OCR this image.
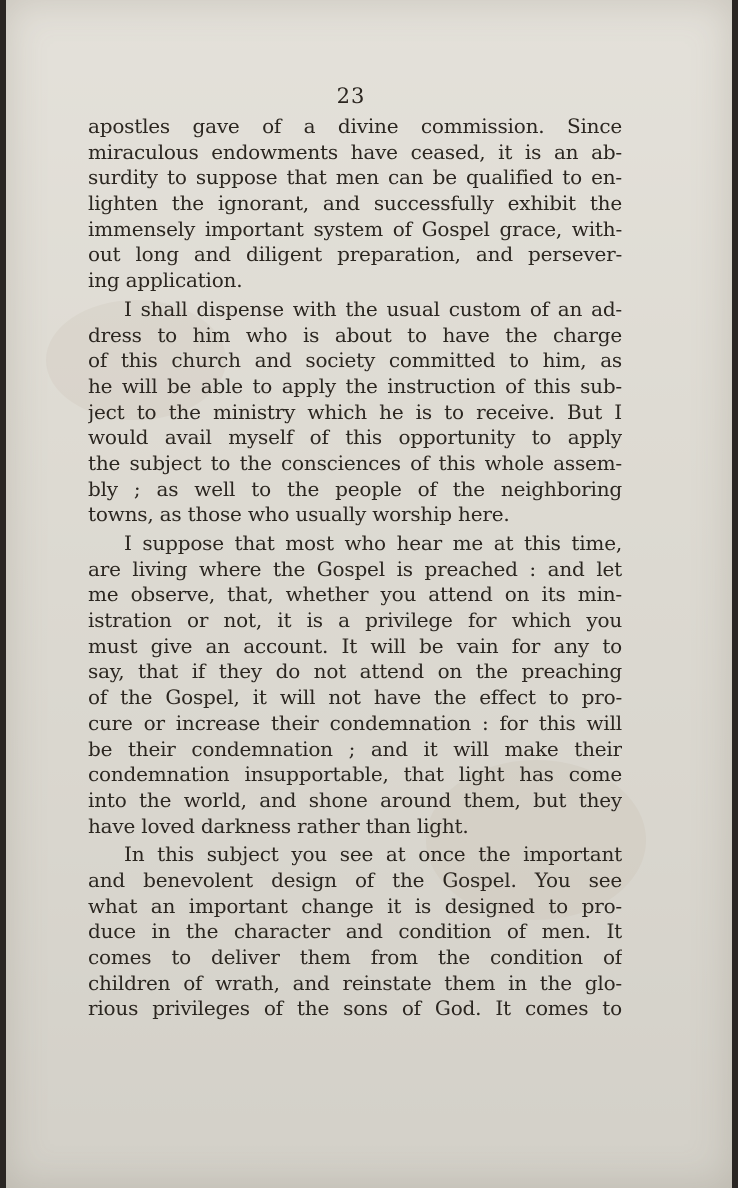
23
apostles gave of a divine commission. Since
miraculous endowments have ceased, it is an ab-
surdity to suppose that men can be qualified to en-
lighten the ignorant, and successfully exhibit the
immensely important system of Gospel grace, with-
out long and diligent preparation, and persever-
ing application.
I shall dispense with the usual custom of an ad-
dress to him who is about to have the charge
of this church and society committed to him, as
he will be able to apply the instruction of this sub-
ject to the ministry which he is to receive. But I
would avail myself of this opportunity to apply
the subject to the consciences of this whole assem-
bly ; as well to the people of the neighboring
towns, as those who usually worship here.
I suppose that most who hear me at this time,
are living where the Gospel is preached : and let
me observe, that, whether you attend on its min-
istration or not, it is a privilege for which you
must give an account. It will be vain for any to
say, that if they do not attend on the preaching
of the Gospel, it will not have the effect to pro-
cure or increase their condemnation : for this will
be their condemnation ; and it will make their
condemnation insupportable, that light has come
into the world, and shone around them, but they
have loved darkness rather than light.
In this subject you see at once the important
and benevolent design of the Gospel. You see
what an important change it is designed to pro-
duce in the character and condition of men. It
comes to deliver them from the condition of
children of wrath, and reinstate them in the glo-
rious privileges of the sons of God. It comes to
